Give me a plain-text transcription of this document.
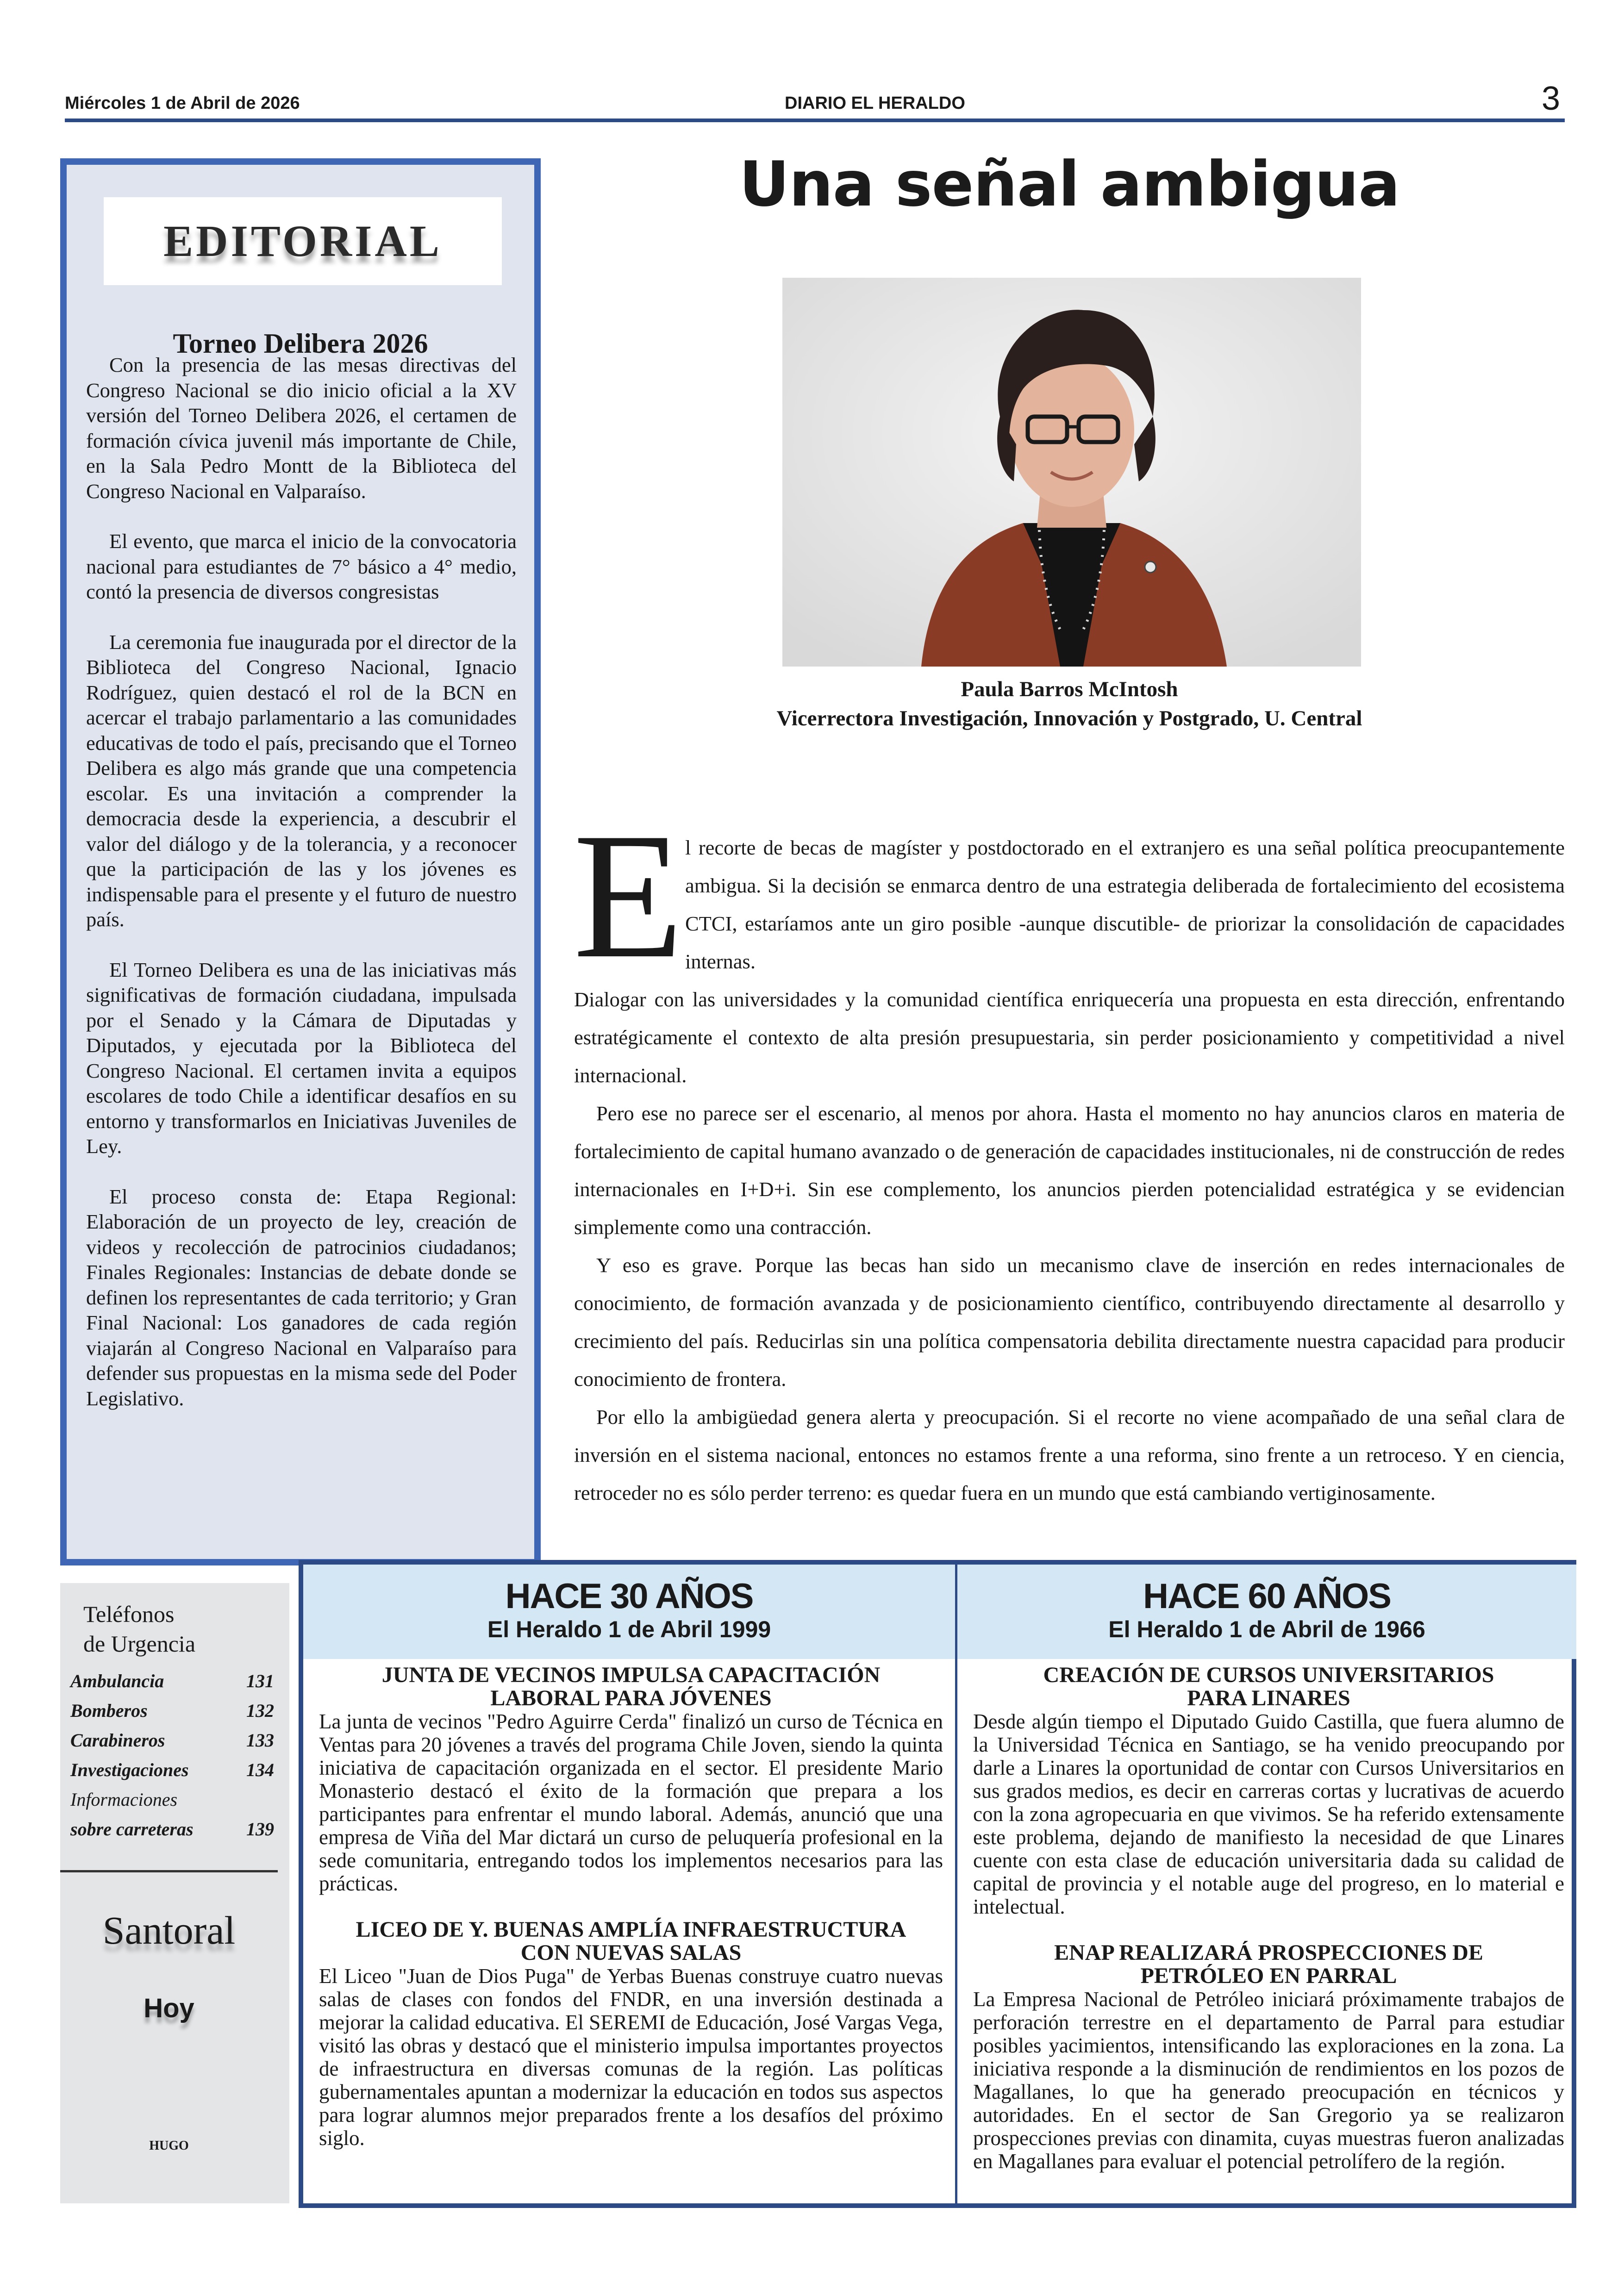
Miércoles 1 de Abril de 2026	DIARIO EL HERALDO	3
EDITORIAL
Torneo Delibera 2026

Con la presencia de las mesas directivas del Congreso Nacional se dio inicio oficial a la XV versión del Torneo Delibera 2026, el certamen de formación cívica juvenil más importante de Chile, en la Sala Pedro Montt de la Biblioteca del Congreso Nacional en Valparaíso.

El evento, que marca el inicio de la convocatoria nacional para estudiantes de 7° básico a 4° medio, contó la presencia de diversos congresistas

La ceremonia fue inaugurada por el director de la Biblioteca del Congreso Nacional, Ignacio Rodríguez, quien destacó el rol de la BCN en acercar el trabajo parlamentario a las comunidades educativas de todo el país, precisando que el Torneo Delibera es algo más grande que una competencia escolar. Es una invitación a comprender la democracia desde la experiencia, a descubrir el valor del diálogo y de la tolerancia, y a reconocer que la participación de las y los jóvenes es indispensable para el presente y el futuro de nuestro país.

El Torneo Delibera es una de las iniciativas más significativas de formación ciudadana, impulsada por el Senado y la Cámara de Diputadas y Diputados, y ejecutada por la Biblioteca del Congreso Nacional. El certamen invita a equipos escolares de todo Chile a identificar desafíos en su entorno y transformarlos en Iniciativas Juveniles de Ley.

El proceso consta de: Etapa Regional: Elaboración de un proyecto de ley, creación de videos y recolección de patrocinios ciudadanos; Finales Regionales: Instancias de debate donde se definen los representantes de cada territorio; y Gran Final Nacional: Los ganadores de cada región viajarán al Congreso Nacional en Valparaíso para defender sus propuestas en la misma sede del Poder Legislativo.

Una señal ambigua
Paula Barros McIntosh
Vicerrectora Investigación, Innovación y Postgrado, U. Central
E l recorte de becas de magíster y postdoctorado en el extranjero es una señal política preocupantemente ambigua. Si la decisión se enmarca dentro de una estrategia deliberada de fortalecimiento del ecosistema CTCI, estaríamos ante un giro posible -aunque discutible- de priorizar la consolidación de capacidades internas.

Dialogar con las universidades y la comunidad científica enriquecería una propuesta en esta dirección, enfrentando estratégicamente el contexto de alta presión presupuestaria, sin perder posicionamiento y competitividad a nivel internacional.

Pero ese no parece ser el escenario, al menos por ahora. Hasta el momento no hay anuncios claros en materia de fortalecimiento de capital humano avanzado o de generación de capacidades institucionales, ni de construcción de redes internacionales en I+D+i. Sin ese complemento, los anuncios pierden potencialidad estratégica y se evidencian simplemente como una contracción.

Y eso es grave. Porque las becas han sido un mecanismo clave de inserción en redes internacionales de conocimiento, de formación avanzada y de posicionamiento científico, contribuyendo directamente al desarrollo y crecimiento del país. Reducirlas sin una política compensatoria debilita directamente nuestra capacidad para producir conocimiento de frontera.

Por ello la ambigüedad genera alerta y preocupación. Si el recorte no viene acompañado de una señal clara de inversión en el sistema nacional, entonces no estamos frente a una reforma, sino frente a un retroceso. Y en ciencia, retroceder no es sólo perder terreno: es quedar fuera en un mundo que está cambiando vertiginosamente.

Teléfonos
de Urgencia
Ambulancia	131
Bomberos	132
Carabineros	133
Investigaciones	134
Informaciones
sobre carreteras	139
Santoral
Hoy
HUGO
HACE 30 AÑOS
El Heraldo 1 de Abril 1999
JUNTA DE VECINOS IMPULSA CAPACITACIÓN
LABORAL PARA JÓVENES
La junta de vecinos "Pedro Aguirre Cerda" finalizó un curso de Técnica en Ventas para 20 jóvenes a través del programa Chile Joven, siendo la quinta iniciativa de capacitación organizada en el sector. El presidente Mario Monasterio destacó el éxito de la formación que prepara a los participantes para enfrentar el mundo laboral. Además, anunció que una empresa de Viña del Mar dictará un curso de peluquería profesional en la sede comunitaria, entregando todos los implementos necesarios para las prácticas.
LICEO DE Y. BUENAS AMPLÍA INFRAESTRUCTURA
CON NUEVAS SALAS
El Liceo "Juan de Dios Puga" de Yerbas Buenas construye cuatro nuevas salas de clases con fondos del FNDR, en una inversión destinada a mejorar la calidad educativa. El SEREMI de Educación, José Vargas Vega, visitó las obras y destacó que el ministerio impulsa importantes proyectos de infraestructura en diversas comunas de la región. Las políticas gubernamentales apuntan a modernizar la educación en todos sus aspectos para lograr alumnos mejor preparados frente a los desafíos del próximo siglo.
HACE 60 AÑOS
El Heraldo 1 de Abril de 1966
CREACIÓN DE CURSOS UNIVERSITARIOS
PARA LINARES
Desde algún tiempo el Diputado Guido Castilla, que fuera alumno de la Universidad Técnica en Santiago, se ha venido preocupando por darle a Linares la oportunidad de contar con Cursos Universitarios en sus grados medios, es decir en carreras cortas y lucrativas de acuerdo con la zona agropecuaria en que vivimos. Se ha referido extensamente este problema, dejando de manifiesto la necesidad de que Linares cuente con esta clase de educación universitaria dada su calidad de capital de provincia y el notable auge del progreso, en lo material e intelectual.
ENAP REALIZARÁ PROSPECCIONES DE
PETRÓLEO EN PARRAL
La Empresa Nacional de Petróleo iniciará próximamente trabajos de perforación terrestre en el departamento de Parral para estudiar posibles yacimientos, intensificando las exploraciones en la zona. La iniciativa responde a la disminución de rendimientos en los pozos de Magallanes, lo que ha generado preocupación en técnicos y autoridades. En el sector de San Gregorio ya se realizaron prospecciones previas con dinamita, cuyas muestras fueron analizadas en Magallanes para evaluar el potencial petrolífero de la región.
